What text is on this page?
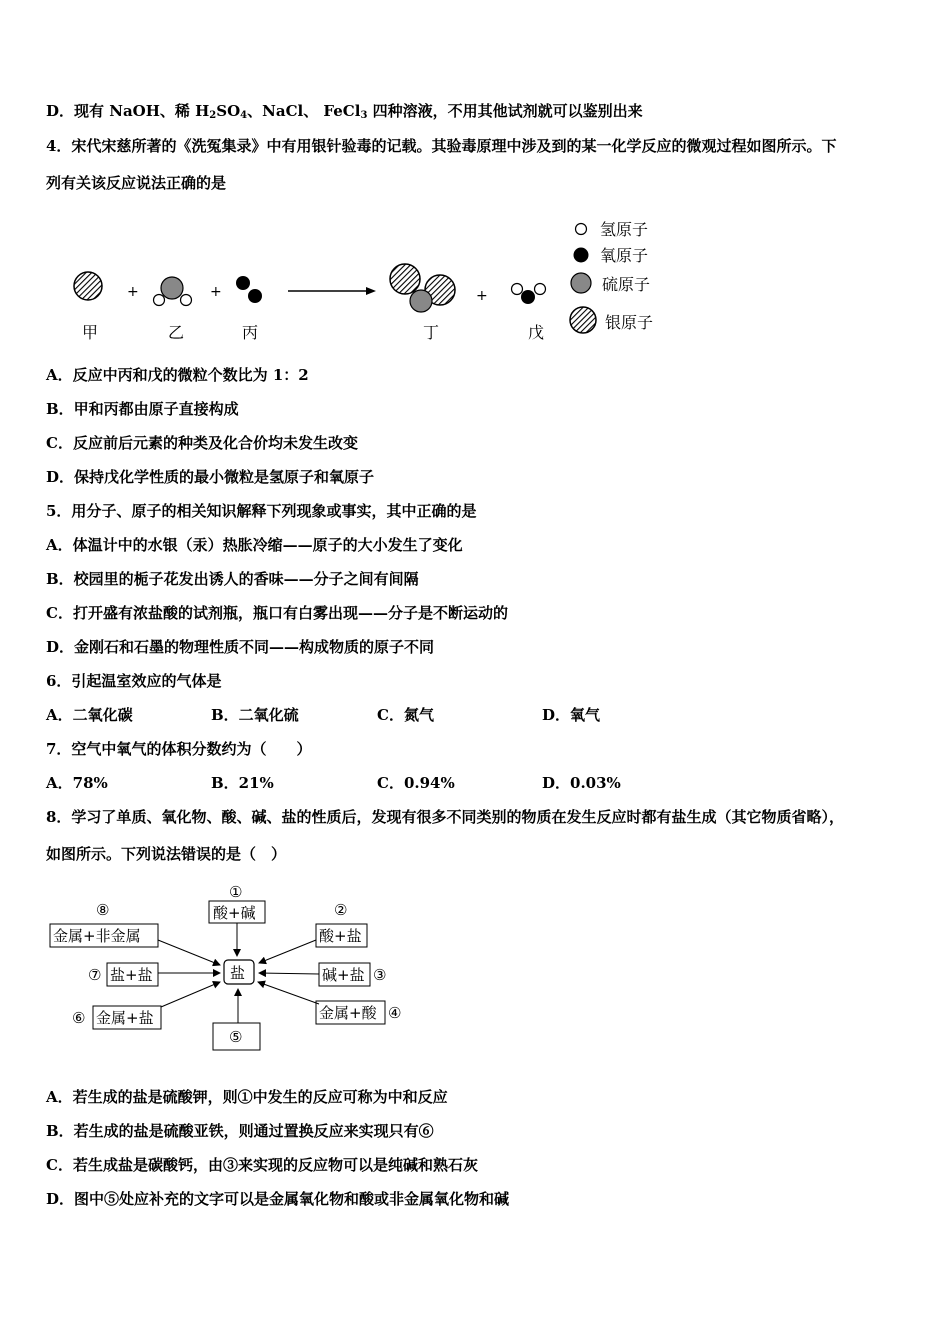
D．现有 NaOH、稀 $H_2SO_4$、NaCl、 FeCl$_3$ 四种溶液，不用其他试剂就可以鉴别出来
4．宋代宋慈所著的《洗冤集录》中有用银针验毒的记载。其验毒原理中涉及到的某一化学反应的微观过程如图所示。下
列有关该反应说法正确的是
+	+	+
甲	乙	丙	丁	戊
氢原子
氧原子
硫原子
银原子
A．反应中丙和戊的微粒个数比为 1：2
B．甲和丙都由原子直接构成
C．反应前后元素的种类及化合价均未发生改变
D．保持戊化学性质的最小微粒是氢原子和氧原子
5．用分子、原子的相关知识解释下列现象或事实，其中正确的是
A．体温计中的水银（汞）热胀冷缩——原子的大小发生了变化
B．校园里的栀子花发出诱人的香味——分子之间有间隔
C．打开盛有浓盐酸的试剂瓶，瓶口有白雾出现——分子是不断运动的
D．金刚石和石墨的物理性质不同——构成物质的原子不同
6．引起温室效应的气体是
A．二氧化碳	B．二氧化硫	C．氮气	D．氧气
7．空气中氧气的体积分数约为（　　）
A．78%	B．21%	C．0.94%	D．0.03%
8．学习了单质、氧化物、酸、碱、盐的性质后，发现有很多不同类别的物质在发生反应时都有盐生成（其它物质省略），
如图所示。下列说法错误的是（　）
盐
①
酸+碱	②
酸+盐
碱+盐 ③
金属+酸 ④
⑤
⑥ 金属+盐
⑦ 盐+盐
⑧
金属+非金属
A．若生成的盐是硫酸钾，则①中发生的反应可称为中和反应
B．若生成的盐是硫酸亚铁，则通过置换反应来实现只有⑥
C．若生成盐是碳酸钙，由③来实现的反应物可以是纯碱和熟石灰
D．图中⑤处应补充的文字可以是金属氧化物和酸或非金属氧化物和碱
